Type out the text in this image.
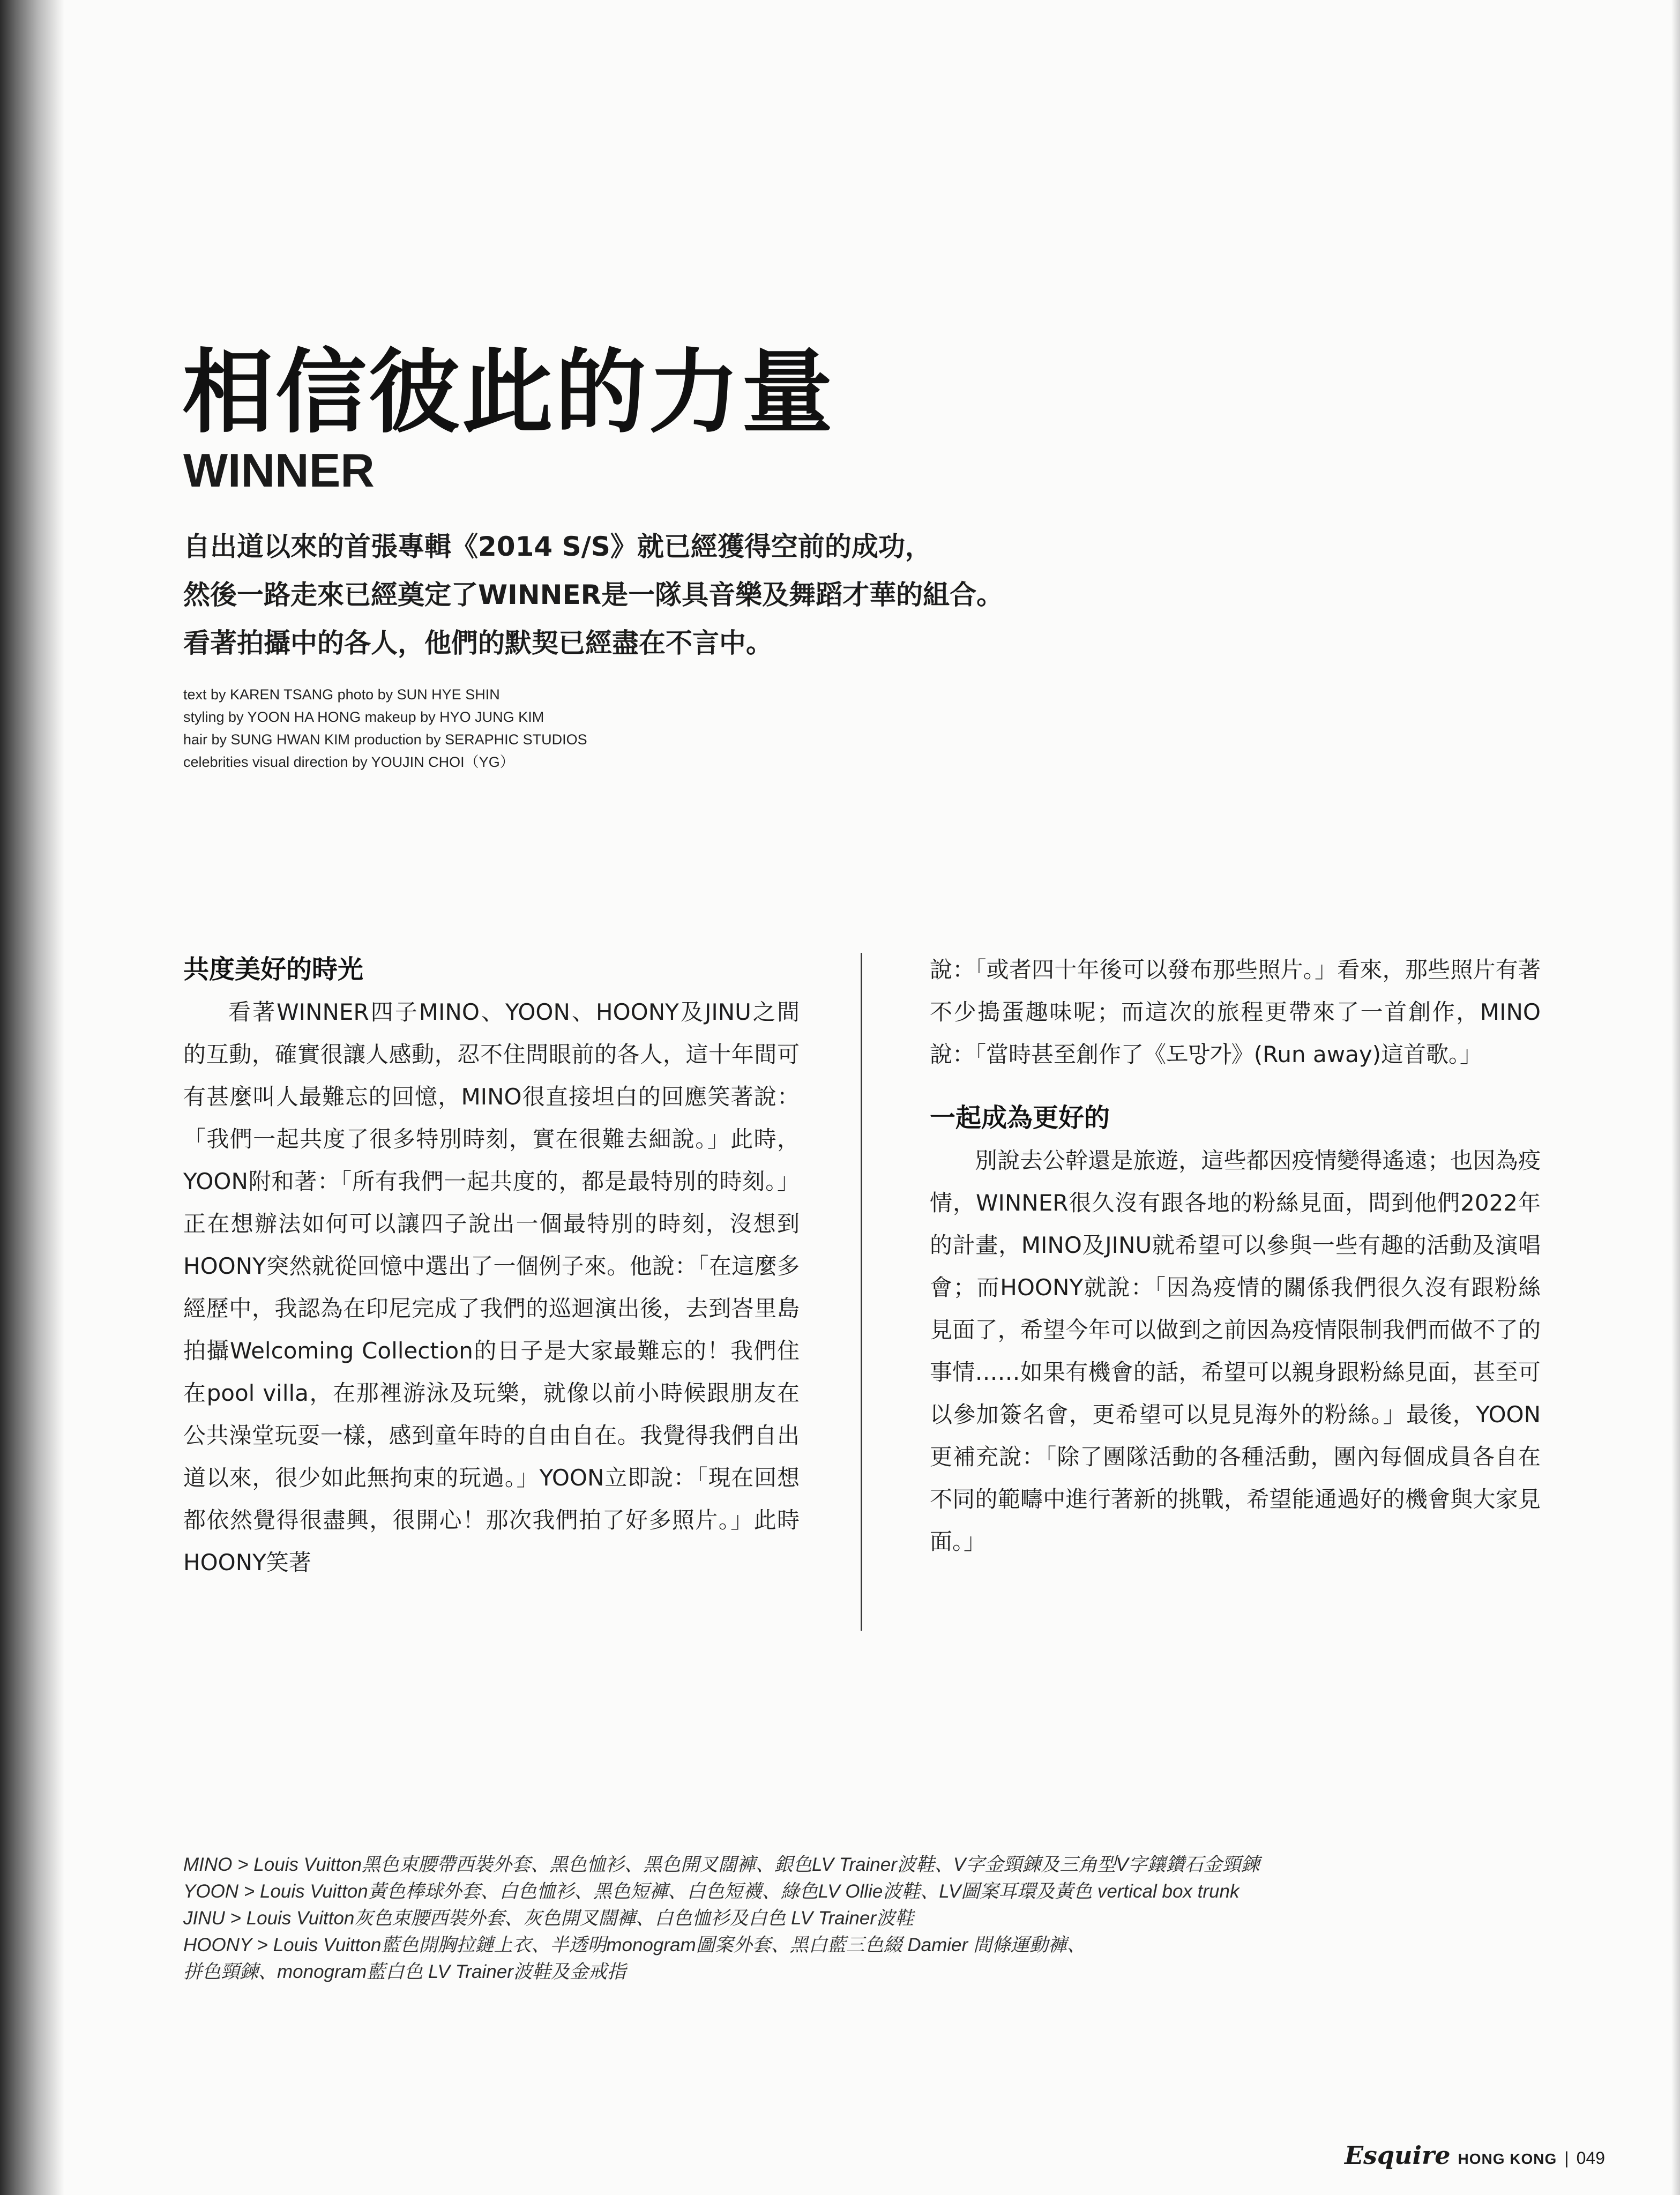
相信彼此的力量
WINNER
自出道以來的首張專輯《2014 S/S》就已經獲得空前的成功，
然後一路走來已經奠定了WINNER是一隊具音樂及舞蹈才華的組合。
看著拍攝中的各人，他們的默契已經盡在不言中。
text by KAREN TSANG photo by SUN HYE SHIN
styling by YOON HA HONG makeup by HYO JUNG KIM
hair by SUNG HWAN KIM production by SERAPHIC STUDIOS
celebrities visual direction by YOUJIN CHOI（YG）
共度美好的時光

看著WINNER四子MINO、YOON、HOONY及JINU之間的互動，確實很讓人感動，忍不住問眼前的各人，這十年間可有甚麼叫人最難忘的回憶，MINO很直接坦白的回應笑著說：「我們一起共度了很多特別時刻，實在很難去細說。」此時，YOON附和著：「所有我們一起共度的，都是最特別的時刻。」正在想辦法如何可以讓四子說出一個最特別的時刻，沒想到HOONY突然就從回憶中選出了一個例子來。他說：「在這麼多經歷中，我認為在印尼完成了我們的巡迴演出後，去到峇里島拍攝Welcoming Collection的日子是大家最難忘的！我們住在pool villa，在那裡游泳及玩樂，就像以前小時候跟朋友在公共澡堂玩耍一樣，感到童年時的自由自在。我覺得我們自出道以來，很少如此無拘束的玩過。」YOON立即說：「現在回想都依然覺得很盡興，很開心！那次我們拍了好多照片。」此時HOONY笑著

說：「或者四十年後可以發布那些照片。」看來，那些照片有著不少搗蛋趣味呢；而這次的旅程更帶來了一首創作，MINO說：「當時甚至創作了《도망가》(Run away)這首歌。」

一起成為更好的

別說去公幹還是旅遊，這些都因疫情變得遙遠；也因為疫情，WINNER很久沒有跟各地的粉絲見面，問到他們2022年的計畫，MINO及JINU就希望可以參與一些有趣的活動及演唱會；而HOONY就說：「因為疫情的關係我們很久沒有跟粉絲見面了，希望今年可以做到之前因為疫情限制我們而做不了的事情……如果有機會的話，希望可以親身跟粉絲見面，甚至可以參加簽名會，更希望可以見見海外的粉絲。」最後，YOON更補充說：「除了團隊活動的各種活動，團內每個成員各自在不同的範疇中進行著新的挑戰，希望能通過好的機會與大家見面。」

MINO > Louis Vuitton黑色束腰帶西裝外套、黑色恤衫、黑色開叉闊褲、銀色LV Trainer波鞋、V字金頸鍊及三角型V字鑲鑽石金頸鍊
YOON > Louis Vuitton黃色棒球外套、白色恤衫、黑色短褲、白色短襪、綠色LV Ollie波鞋、LV圖案耳環及黃色 vertical box trunk
JINU > Louis Vuitton灰色束腰西裝外套、灰色開叉闊褲、白色恤衫及白色 LV Trainer波鞋
HOONY > Louis Vuitton藍色開胸拉鏈上衣、半透明monogram圖案外套、黑白藍三色綴 Damier 間條運動褲、
拼色頸鍊、monogram藍白色 LV Trainer波鞋及金戒指
Esquire HONG KONG | 049
